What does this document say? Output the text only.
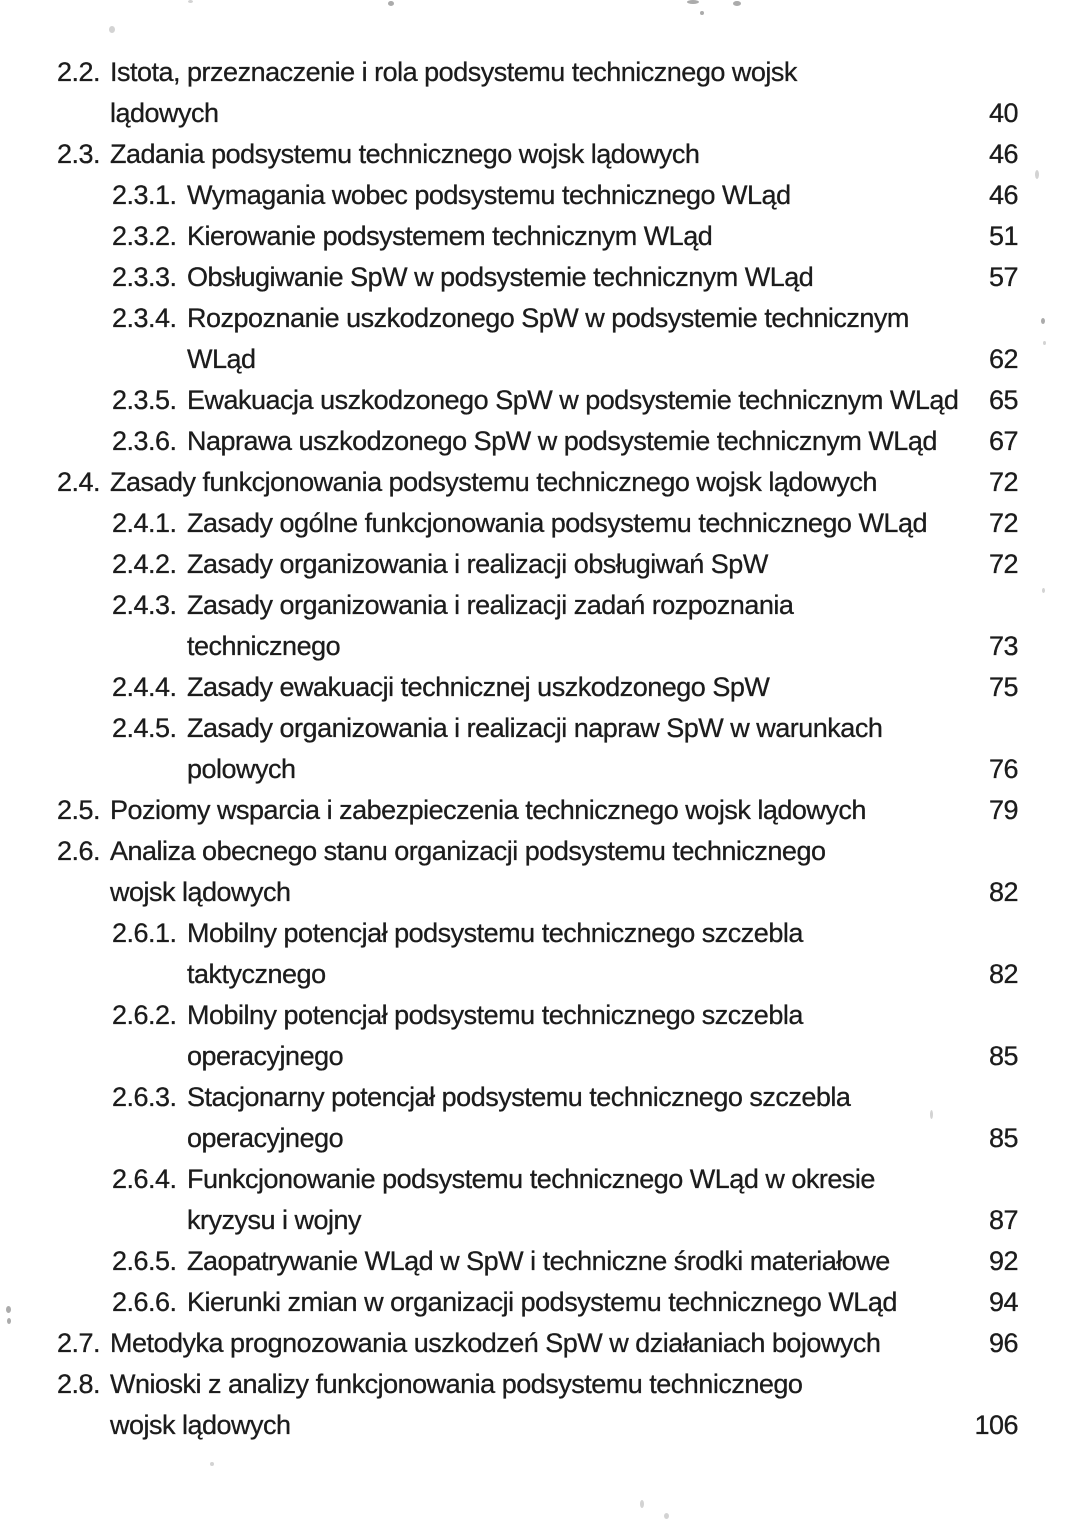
2.2. Istota, przeznaczenie i rola podsystemu technicznego wojsk
lądowych	40
2.3. Zadania podsystemu technicznego wojsk lądowych	46
2.3.1. Wymagania wobec podsystemu technicznego WLąd	46
2.3.2. Kierowanie podsystemem technicznym WLąd	51
2.3.3. Obsługiwanie SpW w podsystemie technicznym WLąd	57
2.3.4. Rozpoznanie uszkodzonego SpW w podsystemie technicznym
WLąd	62
2.3.5. Ewakuacja uszkodzonego SpW w podsystemie technicznym WLąd	65
2.3.6. Naprawa uszkodzonego SpW w podsystemie technicznym WLąd	67
2.4. Zasady funkcjonowania podsystemu technicznego wojsk lądowych	72
2.4.1. Zasady ogólne funkcjonowania podsystemu technicznego WLąd	72
2.4.2. Zasady organizowania i realizacji obsługiwań SpW	72
2.4.3. Zasady organizowania i realizacji zadań rozpoznania
technicznego	73
2.4.4. Zasady ewakuacji technicznej uszkodzonego SpW	75
2.4.5. Zasady organizowania i realizacji napraw SpW w warunkach
polowych	76
2.5. Poziomy wsparcia i zabezpieczenia technicznego wojsk lądowych	79
2.6. Analiza obecnego stanu organizacji podsystemu technicznego
wojsk lądowych	82
2.6.1. Mobilny potencjał podsystemu technicznego szczebla
taktycznego	82
2.6.2. Mobilny potencjał podsystemu technicznego szczebla
operacyjnego	85
2.6.3. Stacjonarny potencjał podsystemu technicznego szczebla
operacyjnego	85
2.6.4. Funkcjonowanie podsystemu technicznego WLąd w okresie
kryzysu i wojny	87
2.6.5. Zaopatrywanie WLąd w SpW i techniczne środki materiałowe	92
2.6.6. Kierunki zmian w organizacji podsystemu technicznego WLąd	94
2.7. Metodyka prognozowania uszkodzeń SpW w działaniach bojowych	96
2.8. Wnioski z analizy funkcjonowania podsystemu technicznego
wojsk lądowych	106
